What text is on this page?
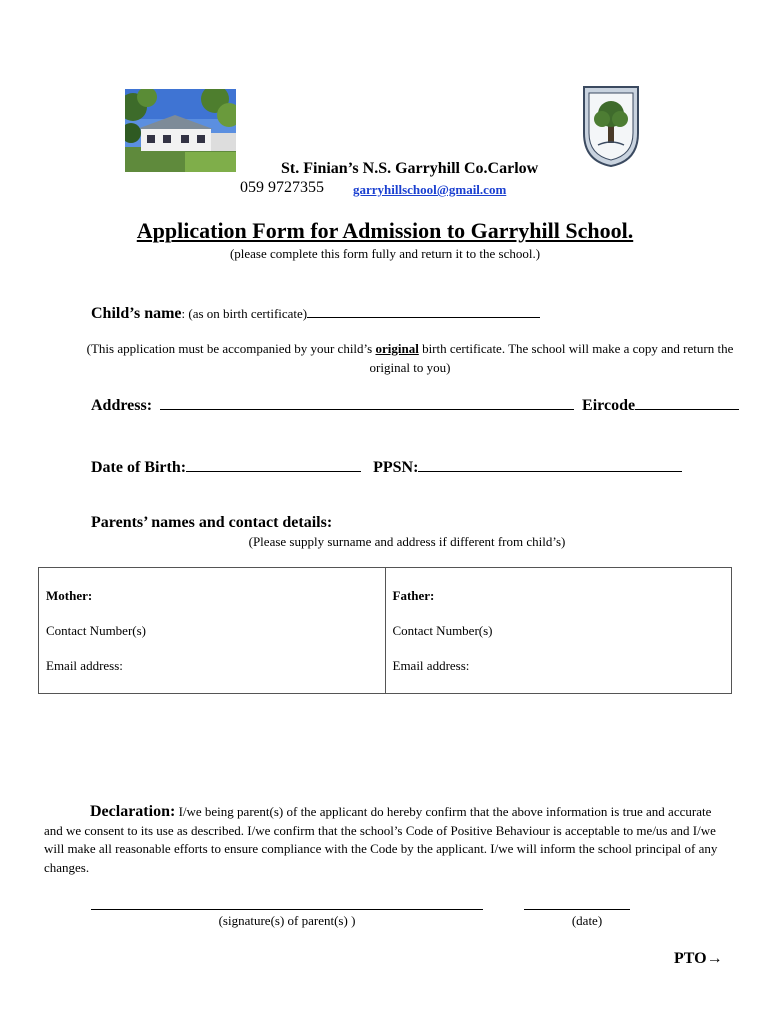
St. Finian’s N.S. Garryhill Co.Carlow
059 9727355 garryhillschool@gmail.com
Application Form for Admission to Garryhill School.
(please complete this form fully and return it to the school.)
Child’s name: (as on birth certificate)
(This application must be accompanied by your child’s original birth certificate. The school will make a copy and return the original to you)
Address:	Eircode
Date of Birth:	PPSN:
Parents’ names and contact details:
(Please supply surname and address if different from child’s)
Mother:
Contact Number(s)
Email address:

Father:
Contact Number(s)
Email address:
Declaration: I/we being parent(s) of the applicant do hereby confirm that the above information is true and accurate and we consent to its use as described. I/we confirm that the school’s Code of Positive Behaviour is acceptable to me/us and I/we will make all reasonable efforts to ensure compliance with the Code by the applicant. I/we will inform the school principal of any changes.
(signature(s) of parent(s) )	(date)
PTO→
